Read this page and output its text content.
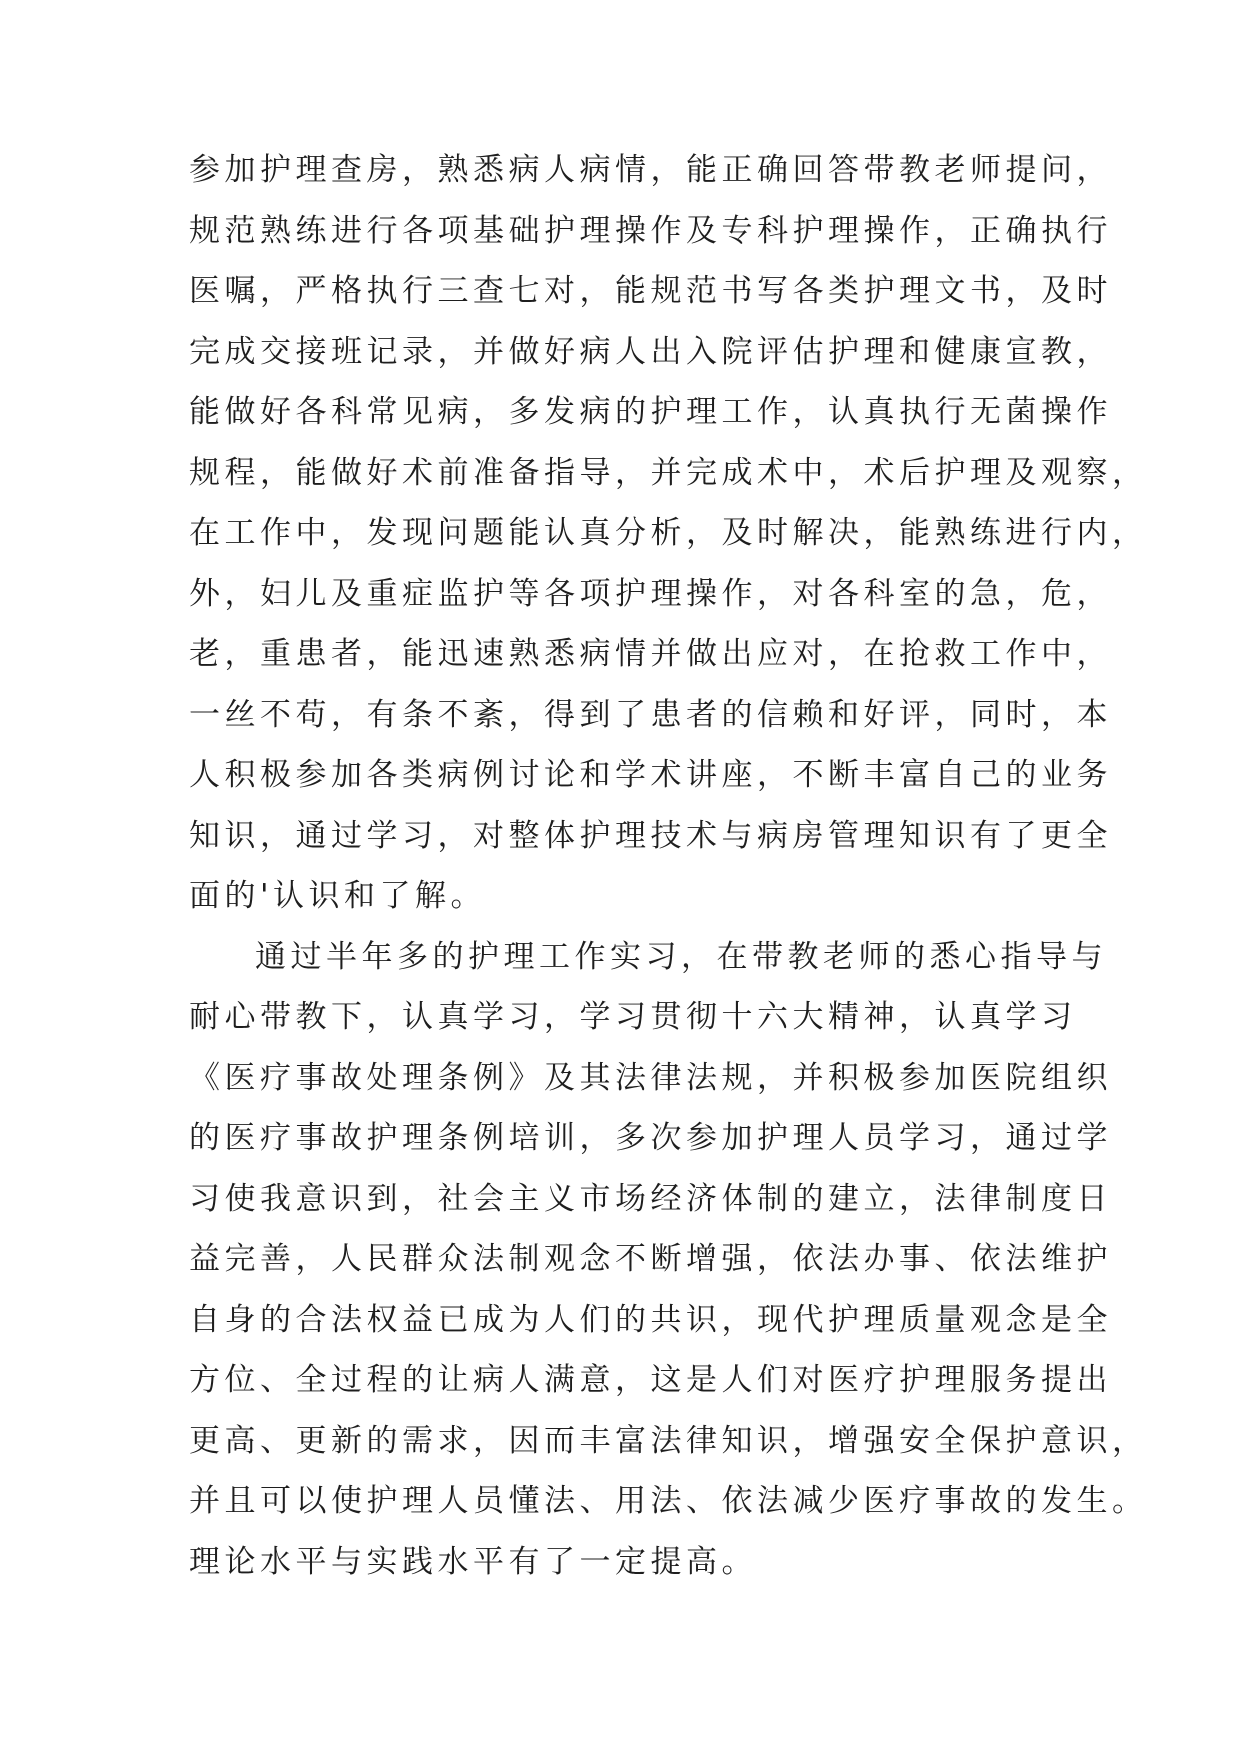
参加护理查房，熟悉病人病情，能正确回答带教老师提问，
规范熟练进行各项基础护理操作及专科护理操作，正确执行
医嘱，严格执行三查七对，能规范书写各类护理文书，及时
完成交接班记录，并做好病人出入院评估护理和健康宣教，
能做好各科常见病，多发病的护理工作，认真执行无菌操作
规程，能做好术前准备指导，并完成术中，术后护理及观察，
在工作中，发现问题能认真分析，及时解决，能熟练进行内，
外，妇儿及重症监护等各项护理操作，对各科室的急，危，
老，重患者，能迅速熟悉病情并做出应对，在抢救工作中，
一丝不苟，有条不紊，得到了患者的信赖和好评，同时，本
人积极参加各类病例讨论和学术讲座，不断丰富自己的业务
知识，通过学习，对整体护理技术与病房管理知识有了更全
面的'认识和了解。
通过半年多的护理工作实习，在带教老师的悉心指导与
耐心带教下，认真学习，学习贯彻十六大精神，认真学习
《医疗事故处理条例》及其法律法规，并积极参加医院组织
的医疗事故护理条例培训，多次参加护理人员学习，通过学
习使我意识到，社会主义市场经济体制的建立，法律制度日
益完善，人民群众法制观念不断增强，依法办事、依法维护
自身的合法权益已成为人们的共识，现代护理质量观念是全
方位、全过程的让病人满意，这是人们对医疗护理服务提出
更高、更新的需求，因而丰富法律知识，增强安全保护意识，
并且可以使护理人员懂法、用法、依法减少医疗事故的发生。
理论水平与实践水平有了一定提高。
